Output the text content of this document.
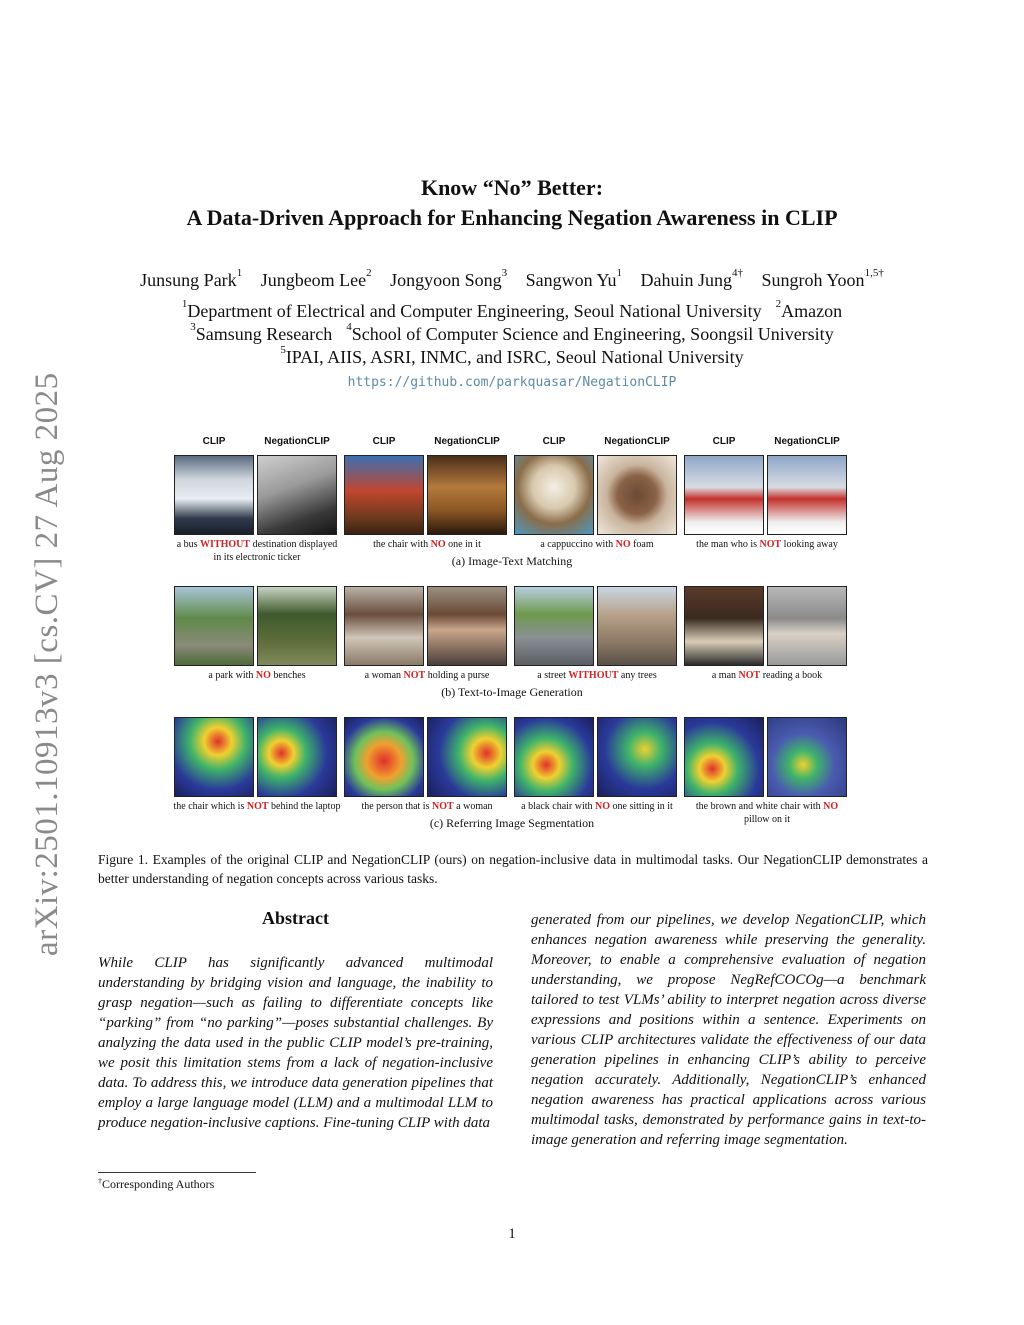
arXiv:2501.10913v3 [cs.CV] 27 Aug 2025
Know “No” Better:
A Data-Driven Approach for Enhancing Negation Awareness in CLIP
Junsung Park$^1$ Jungbeom Lee$^2$ Jongyoon Song$^3$ Sangwon Yu$^1$ Dahuin Jung$^{4\dagger}$ Sungroh Yoon$^{1,5\dagger}$
$^1$Department of Electrical and Computer Engineering, Seoul National University $^2$Amazon
$^3$Samsung Research $^4$School of Computer Science and Engineering, Soongsil University
$^5$IPAI, AIIS, ASRI, INMC, and ISRC, Seoul National University
https://github.com/parkquasar/NegationCLIP
CLIP	NegationCLIP	CLIP	NegationCLIP	CLIP	NegationCLIP	CLIP	NegationCLIP
a bus WITHOUT destination displayed in its electronic ticker
the chair with NO one in it	a cappuccino with NO foam	the man who is NOT looking away
(a) Image-Text Matching
a park with NO benches	a woman NOT holding a purse	a street WITHOUT any trees	a man NOT reading a book
(b) Text-to-Image Generation
the chair which is NOT behind the laptop	the person that is NOT a woman	a black chair with NO one sitting in it	the brown and white chair with NO pillow on it
(c) Referring Image Segmentation
Figure 1. Examples of the original CLIP and NegationCLIP (ours) on negation-inclusive data in multimodal tasks. Our NegationCLIP demonstrates a better understanding of negation concepts across various tasks.
Abstract
While CLIP has significantly advanced multimodal understanding by bridging vision and language, the inability to grasp negation—such as failing to differentiate concepts like “parking” from “no parking”—poses substantial challenges. By analyzing the data used in the public CLIP model’s pre-training, we posit this limitation stems from a lack of negation-inclusive data. To address this, we introduce data generation pipelines that employ a large language model (LLM) and a multimodal LLM to produce negation-inclusive captions. Fine-tuning CLIP with data
generated from our pipelines, we develop NegationCLIP, which enhances negation awareness while preserving the generality. Moreover, to enable a comprehensive evaluation of negation understanding, we propose NegRefCOCOg—a benchmark tailored to test VLMs’ ability to interpret negation across diverse expressions and positions within a sentence. Experiments on various CLIP architectures validate the effectiveness of our data generation pipelines in enhancing CLIP’s ability to perceive negation accurately. Additionally, NegationCLIP’s enhanced negation awareness has practical applications across various multimodal tasks, demonstrated by performance gains in text-to-image generation and referring image segmentation.
†Corresponding Authors
1
